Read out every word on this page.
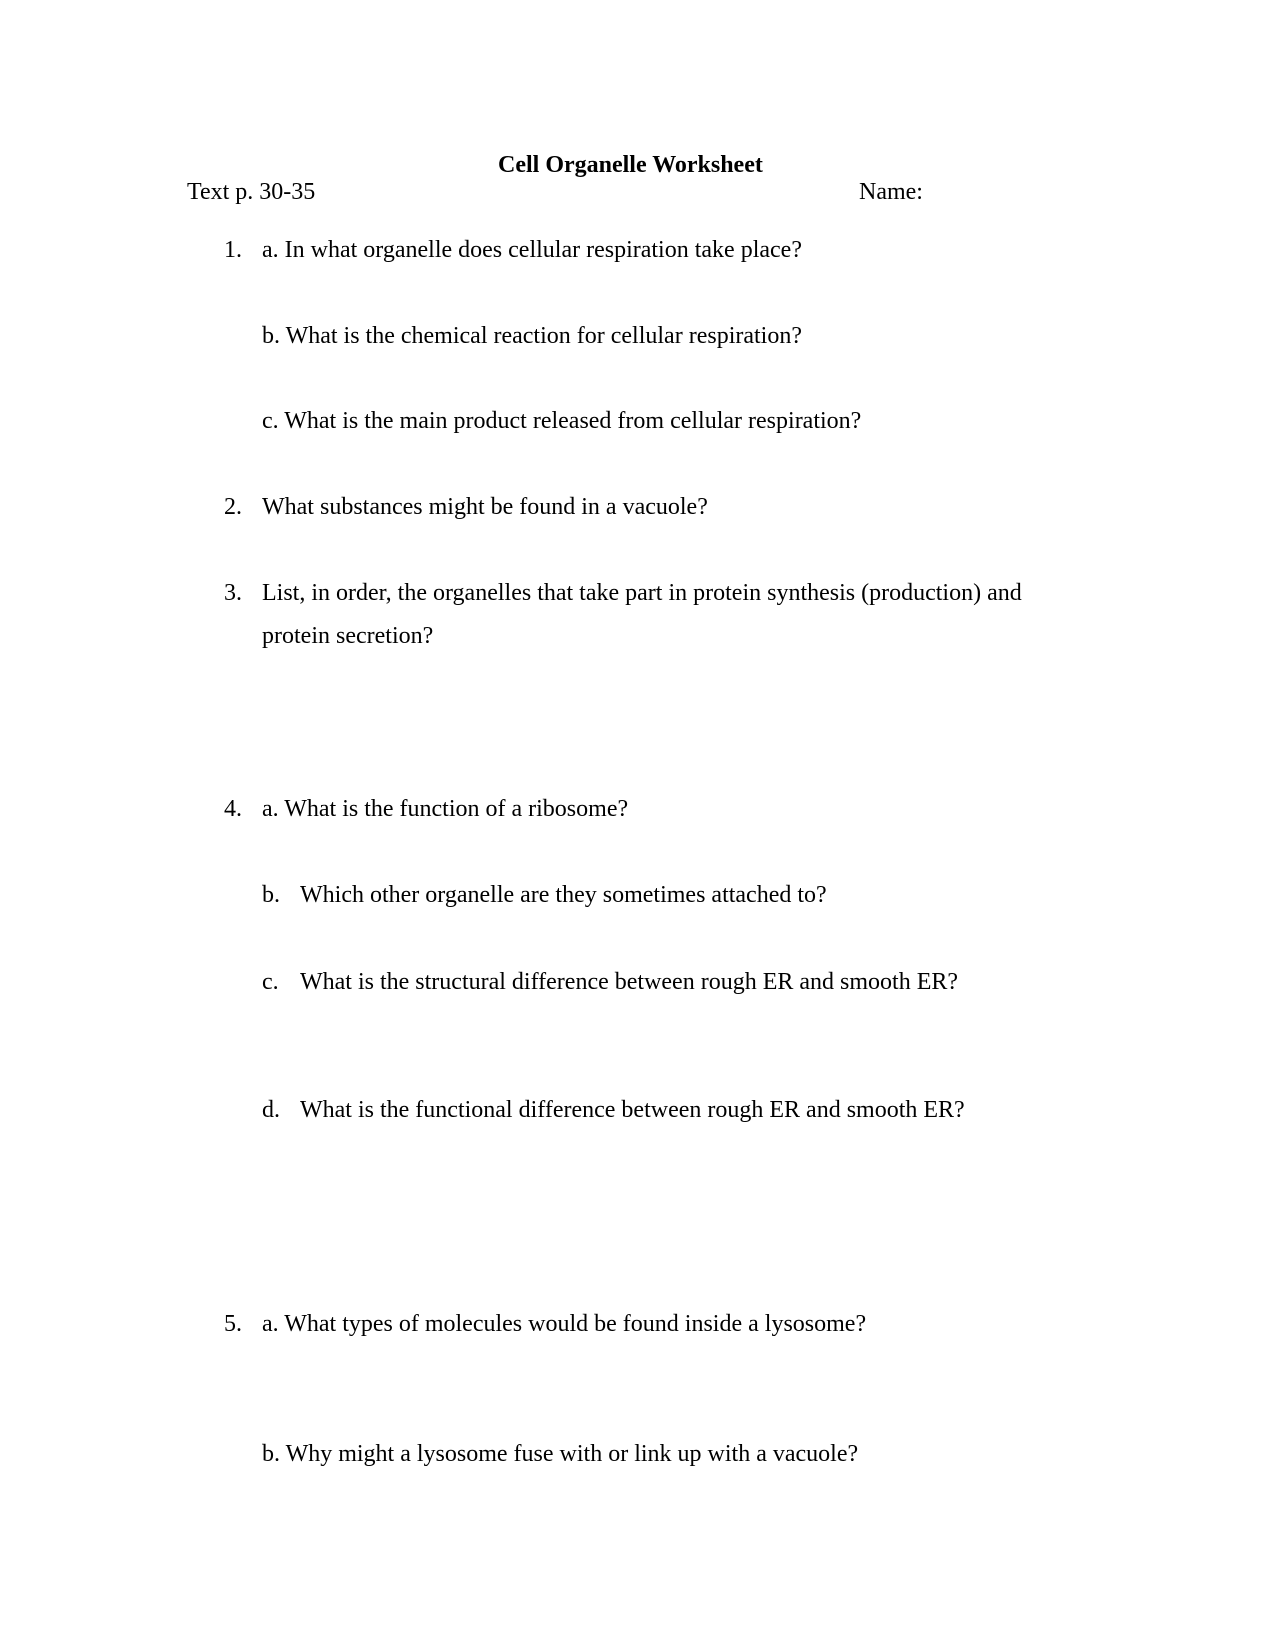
Cell Organelle Worksheet
Text p. 30-35	Name:
1. a. In what organelle does cellular respiration take place?
b. What is the chemical reaction for cellular respiration?
c. What is the main product released from cellular respiration?
2. What substances might be found in a vacuole?
3. List, in order, the organelles that take part in protein synthesis (production) and
protein secretion?
4. a. What is the function of a ribosome?
b. Which other organelle are they sometimes attached to?
c. What is the structural difference between rough ER and smooth ER?
d. What is the functional difference between rough ER and smooth ER?
5. a. What types of molecules would be found inside a lysosome?
b. Why might a lysosome fuse with or link up with a vacuole?
